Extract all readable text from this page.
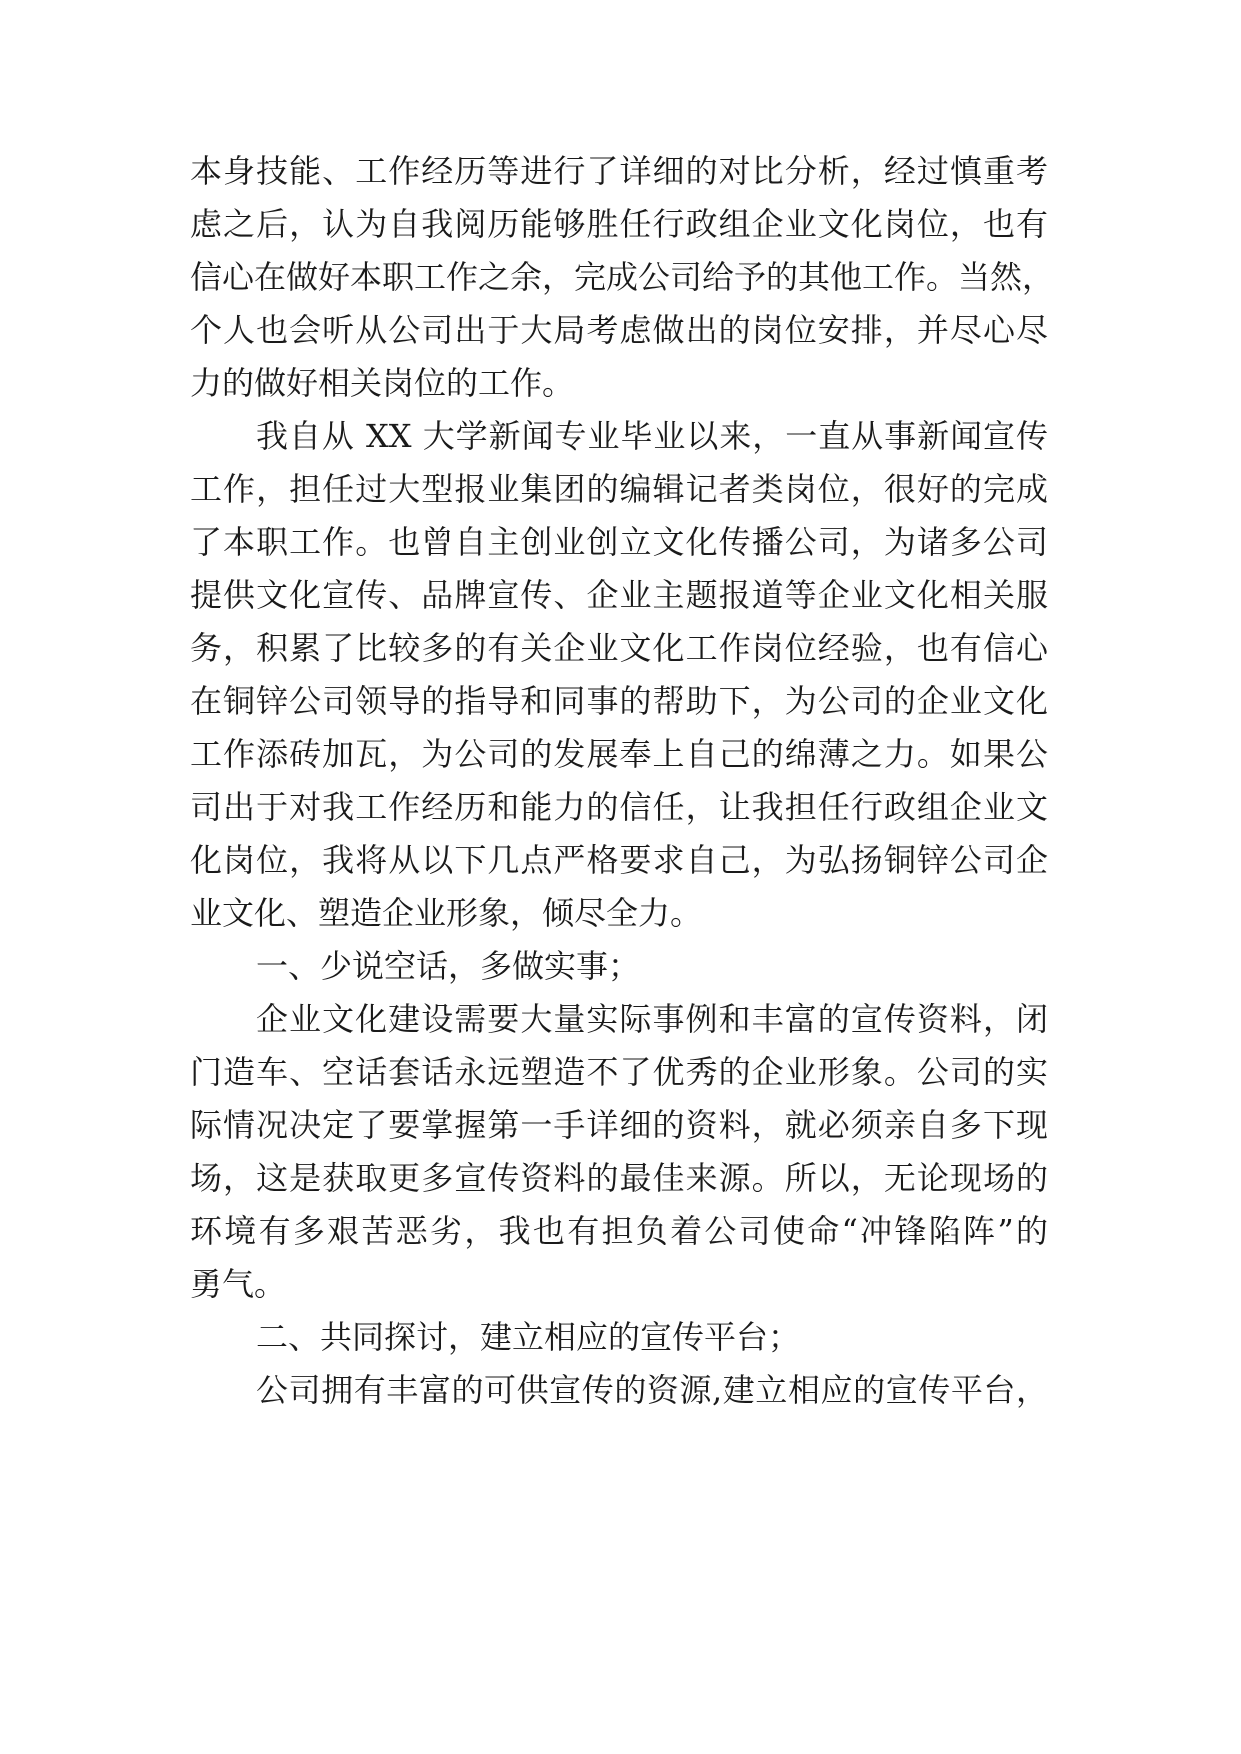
本身技能、工作经历等进行了详细的对比分析，经过慎重考
虑之后，认为自我阅历能够胜任行政组企业文化岗位，也有
信心在做好本职工作之余，完成公司给予的其他工作。当然，
个人也会听从公司出于大局考虑做出的岗位安排，并尽心尽
力的做好相关岗位的工作。
我自从 XX 大学新闻专业毕业以来，一直从事新闻宣传
工作，担任过大型报业集团的编辑记者类岗位，很好的完成
了本职工作。也曾自主创业创立文化传播公司，为诸多公司
提供文化宣传、品牌宣传、企业主题报道等企业文化相关服
务，积累了比较多的有关企业文化工作岗位经验，也有信心
在铜锌公司领导的指导和同事的帮助下，为公司的企业文化
工作添砖加瓦，为公司的发展奉上自己的绵薄之力。如果公
司出于对我工作经历和能力的信任，让我担任行政组企业文
化岗位，我将从以下几点严格要求自己，为弘扬铜锌公司企
业文化、塑造企业形象，倾尽全力。
一、少说空话，多做实事；
企业文化建设需要大量实际事例和丰富的宣传资料，闭
门造车、空话套话永远塑造不了优秀的企业形象。公司的实
际情况决定了要掌握第一手详细的资料，就必须亲自多下现
场，这是获取更多宣传资料的最佳来源。所以，无论现场的
环境有多艰苦恶劣，我也有担负着公司使命“冲锋陷阵”的
勇气。
二、共同探讨，建立相应的宣传平台；
公司拥有丰富的可供宣传的资源,建立相应的宣传平台，
